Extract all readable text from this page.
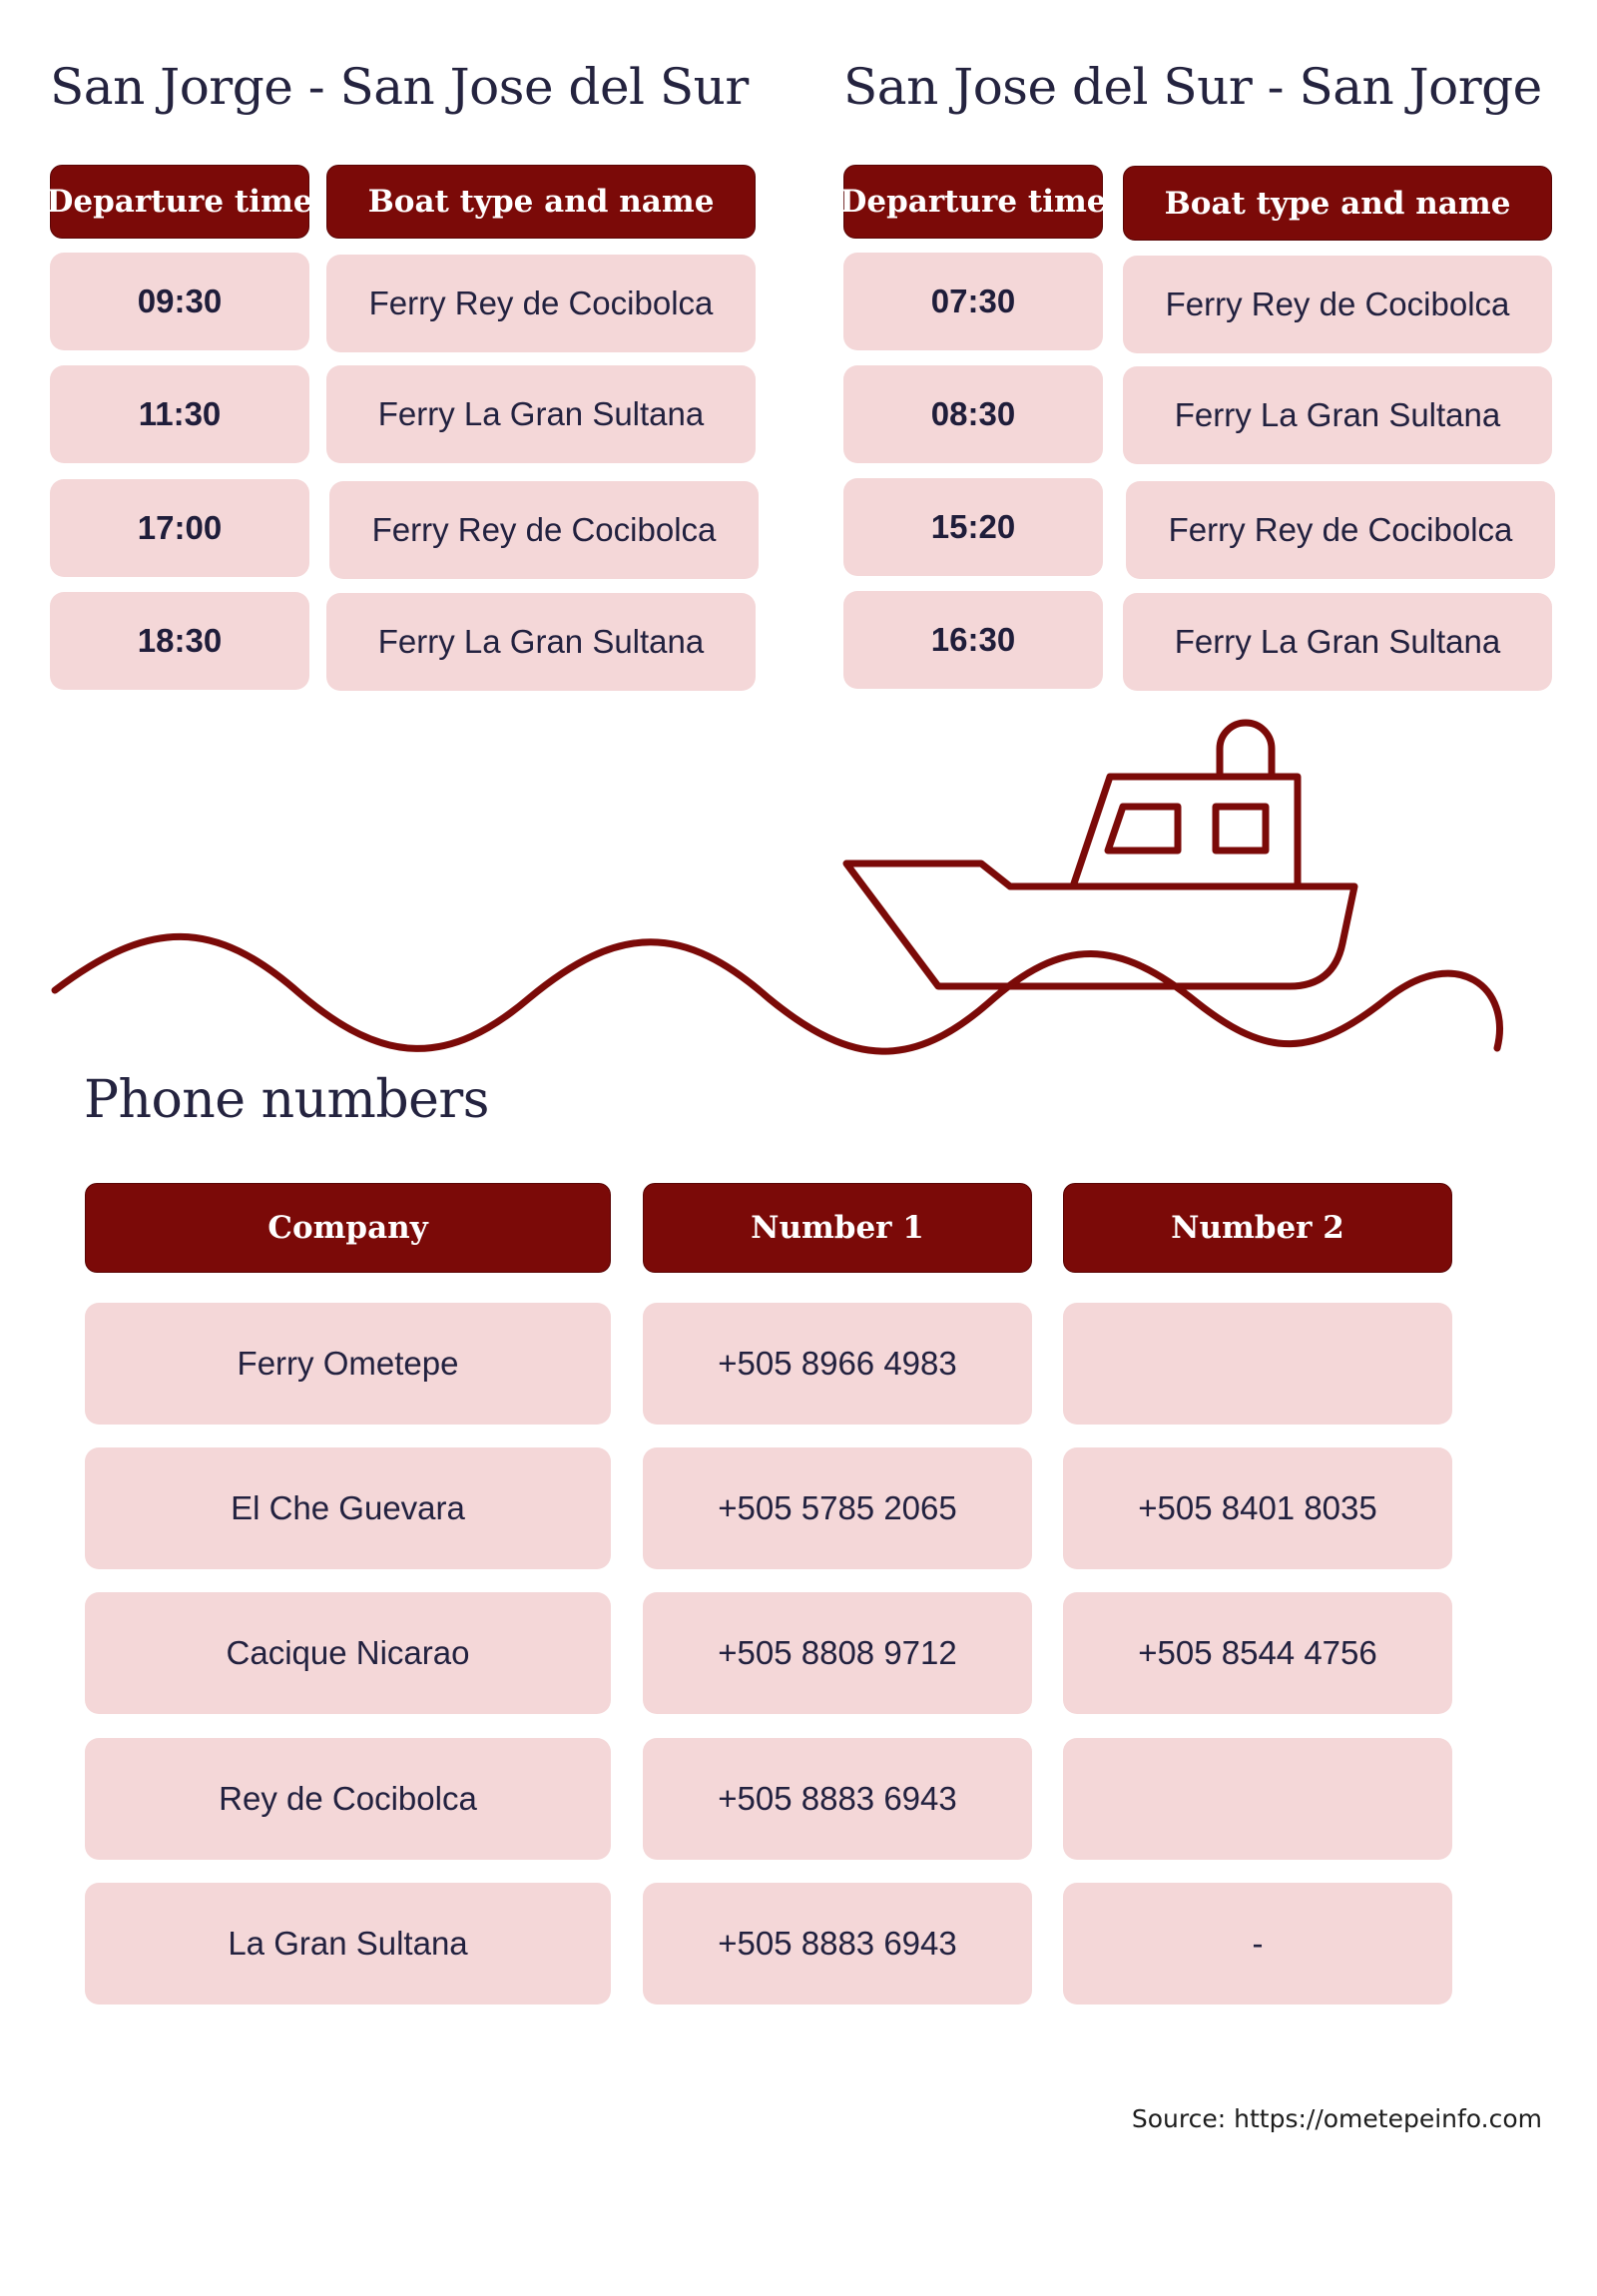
San Jorge - San Jose del Sur
Departure time	Boat type and name
09:30	Ferry Rey de Cocibolca
11:30	Ferry La Gran Sultana
17:00	Ferry Rey de Cocibolca
18:30	Ferry La Gran Sultana
San Jose del Sur - San Jorge
Departure time	Boat type and name
07:30	Ferry Rey de Cocibolca
08:30	Ferry La Gran Sultana
15:20	Ferry Rey de Cocibolca
16:30	Ferry La Gran Sultana
Phone numbers
Company	Number 1	Number 2
Ferry Ometepe	+505 8966 4983
El Che Guevara	+505 5785 2065	+505 8401 8035
Cacique Nicarao	+505 8808 9712	+505 8544 4756
Rey de Cocibolca	+505 8883 6943
La Gran Sultana	+505 8883 6943	-
Source: https://ometepeinfo.com
